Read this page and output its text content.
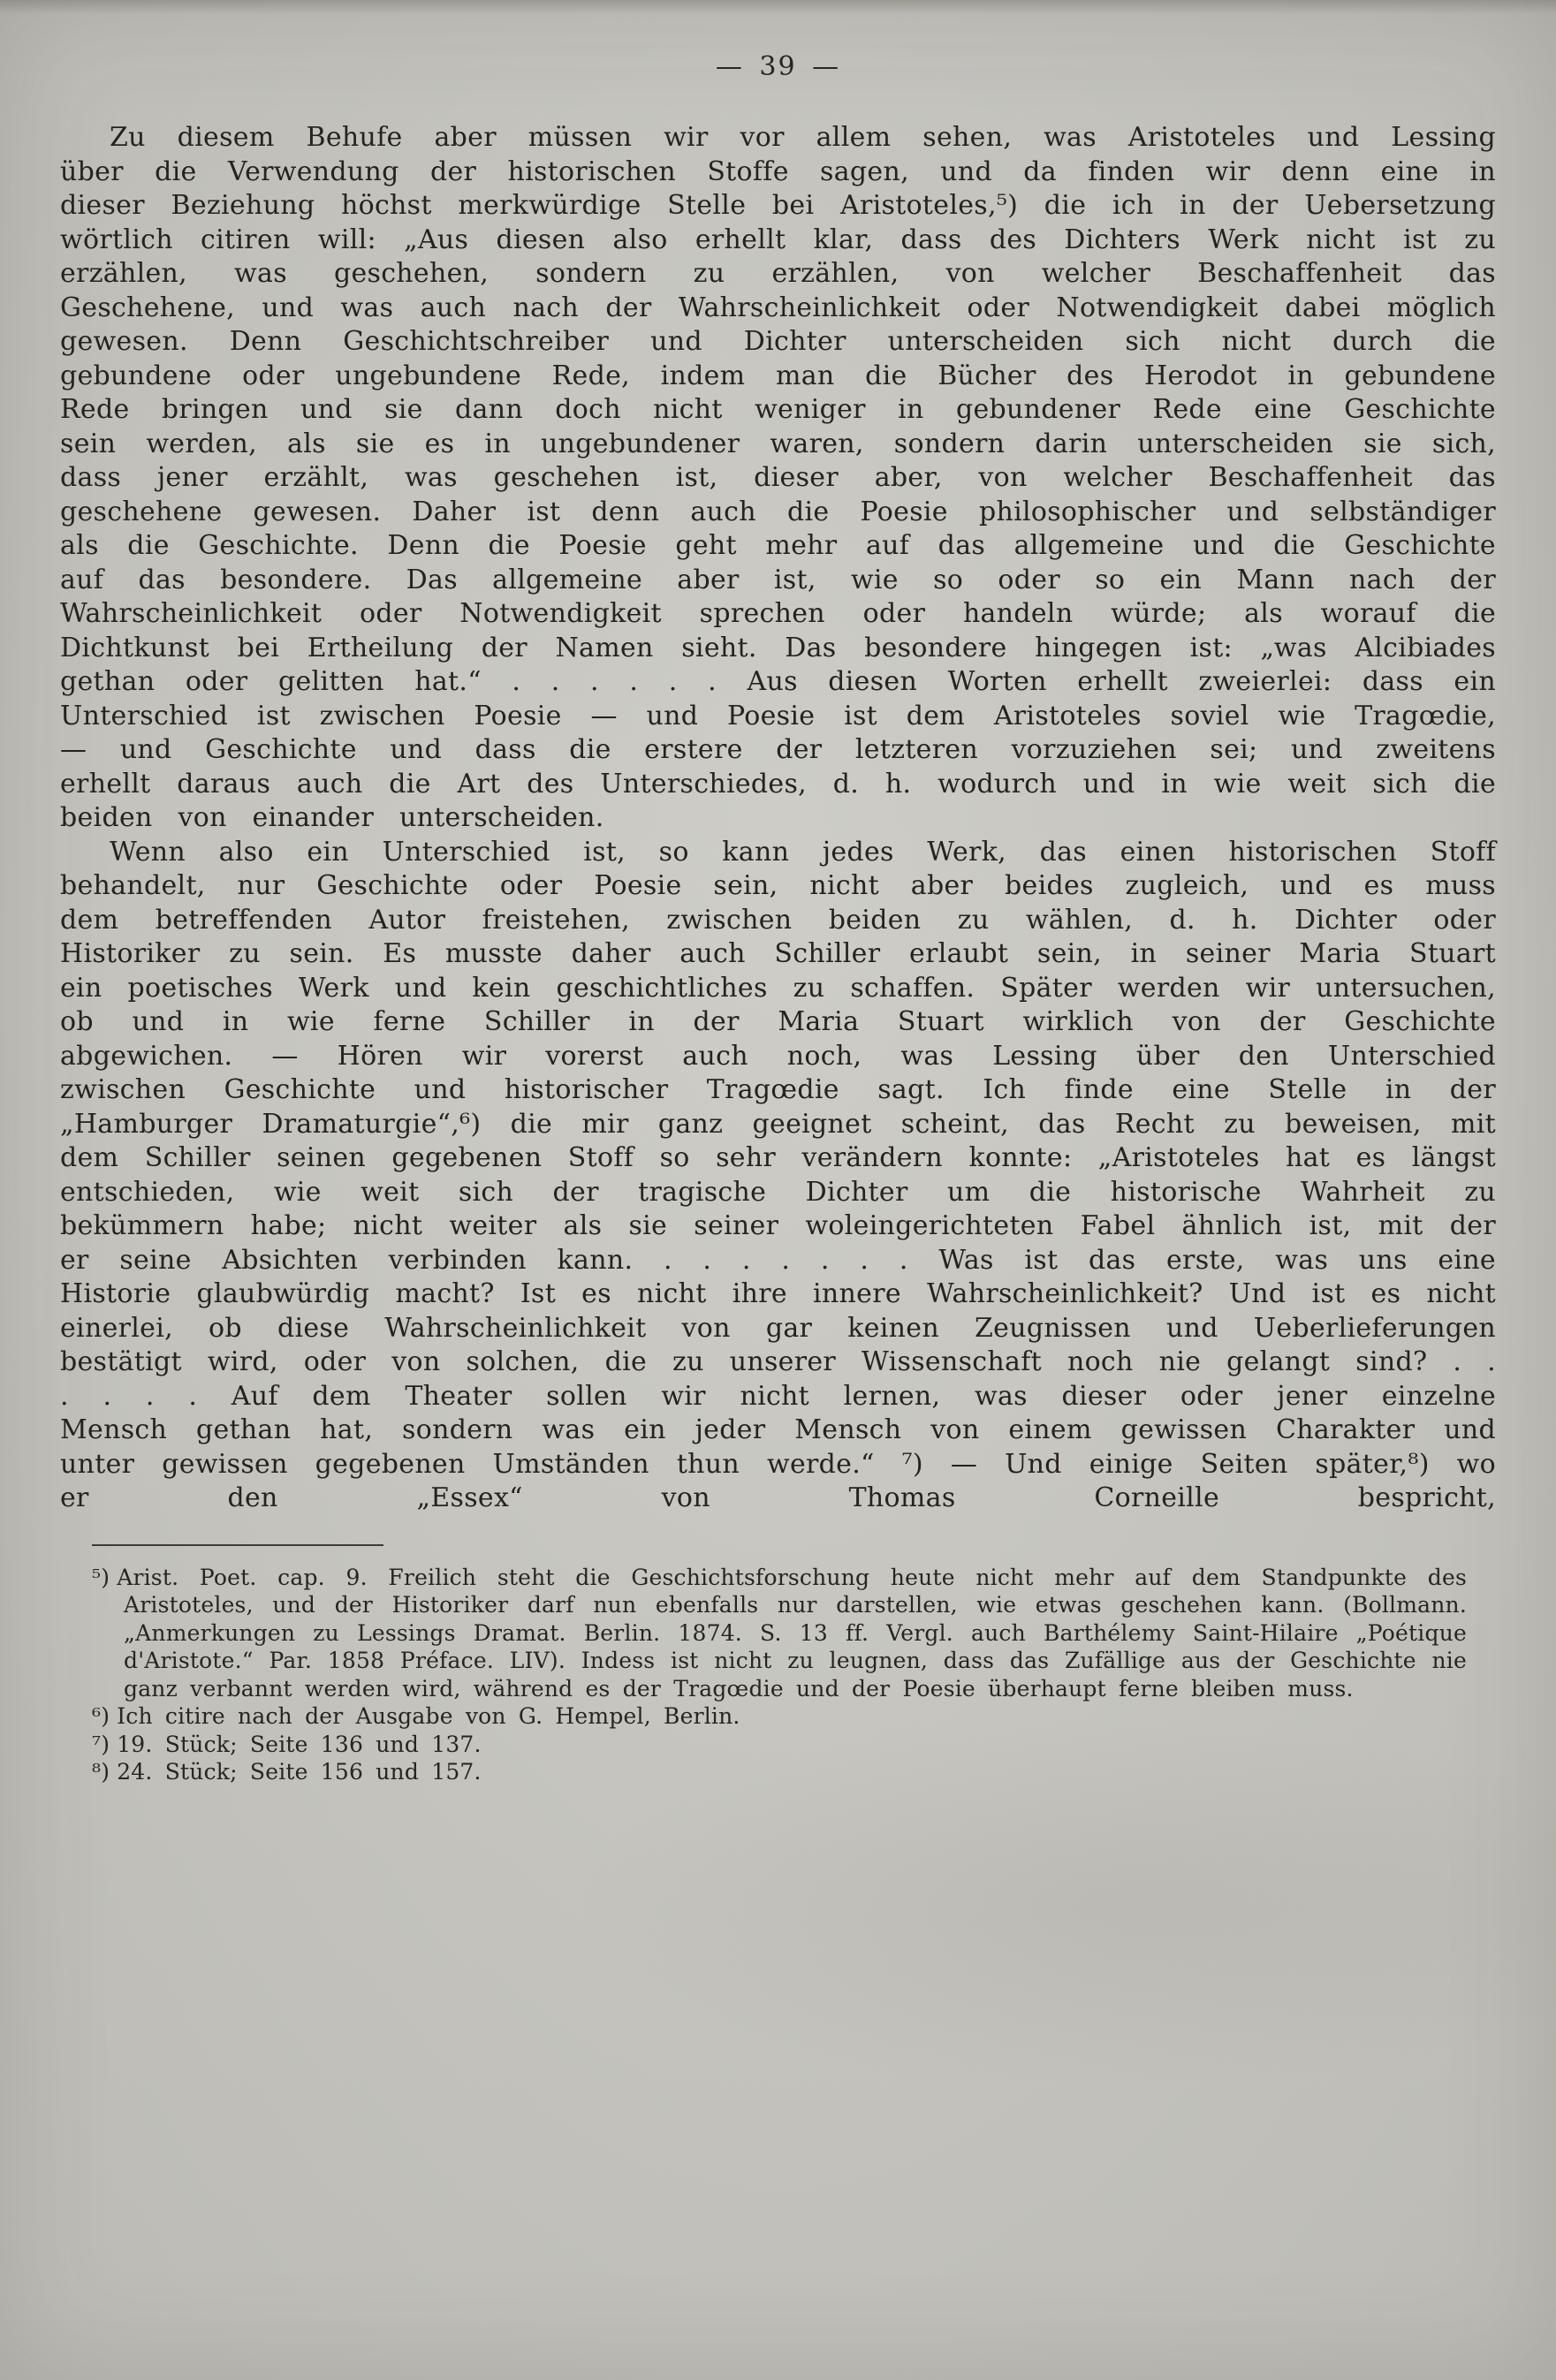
— 39 —

Zu diesem Behufe aber müssen wir vor allem sehen, was Aristoteles und Lessing über die Verwendung der historischen Stoffe sagen, und da finden wir denn eine in dieser Beziehung höchst merkwürdige Stelle bei Aristoteles,⁵) die ich in der Uebersetzung wörtlich citiren will: „Aus diesen also erhellt klar, dass des Dichters Werk nicht ist zu erzählen, was geschehen, sondern zu erzählen, von welcher Beschaffenheit das Geschehene, und was auch nach der Wahrscheinlichkeit oder Notwendigkeit dabei möglich gewesen. Denn Geschichtschreiber und Dichter unterscheiden sich nicht durch die gebundene oder ungebundene Rede, indem man die Bücher des Herodot in gebundene Rede bringen und sie dann doch nicht weniger in gebundener Rede eine Geschichte sein werden, als sie es in ungebundener waren, sondern darin unterscheiden sie sich, dass jener erzählt, was geschehen ist, dieser aber, von welcher Beschaffenheit das geschehene gewesen. Daher ist denn auch die Poesie philosophischer und selbständiger als die Geschichte. Denn die Poesie geht mehr auf das allgemeine und die Geschichte auf das besondere. Das allgemeine aber ist, wie so oder so ein Mann nach der Wahrscheinlichkeit oder Notwendigkeit sprechen oder handeln würde; als worauf die Dichtkunst bei Ertheilung der Namen sieht. Das besondere hingegen ist: „was Alcibiades gethan oder gelitten hat.“ . . . . . . Aus diesen Worten erhellt zweierlei: dass ein Unterschied ist zwischen Poesie — und Poesie ist dem Aristoteles soviel wie Tragœdie, — und Geschichte und dass die erstere der letzteren vorzuziehen sei; und zweitens erhellt daraus auch die Art des Unterschiedes, d. h. wodurch und in wie weit sich die beiden von einander unterscheiden.

Wenn also ein Unterschied ist, so kann jedes Werk, das einen historischen Stoff behandelt, nur Geschichte oder Poesie sein, nicht aber beides zugleich, und es muss dem betreffenden Autor freistehen, zwischen beiden zu wählen, d. h. Dichter oder Historiker zu sein. Es musste daher auch Schiller erlaubt sein, in seiner Maria Stuart ein poetisches Werk und kein geschichtliches zu schaffen. Später werden wir untersuchen, ob und in wie ferne Schiller in der Maria Stuart wirklich von der Geschichte abgewichen. — Hören wir vorerst auch noch, was Lessing über den Unterschied zwischen Geschichte und historischer Tragœdie sagt. Ich finde eine Stelle in der „Hamburger Dramaturgie“,⁶) die mir ganz geeignet scheint, das Recht zu beweisen, mit dem Schiller seinen gegebenen Stoff so sehr verändern konnte: „Aristoteles hat es längst entschieden, wie weit sich der tragische Dichter um die historische Wahrheit zu bekümmern habe; nicht weiter als sie seiner woleingerichteten Fabel ähnlich ist, mit der er seine Absichten verbinden kann. . . . . . . . Was ist das erste, was uns eine Historie glaubwürdig macht? Ist es nicht ihre innere Wahrscheinlichkeit? Und ist es nicht einerlei, ob diese Wahrscheinlichkeit von gar keinen Zeugnissen und Ueberlieferungen bestätigt wird, oder von solchen, die zu unserer Wissenschaft noch nie gelangt sind? . . . . . . Auf dem Theater sollen wir nicht lernen, was dieser oder jener einzelne Mensch gethan hat, sondern was ein jeder Mensch von einem gewissen Charakter und unter gewissen gegebenen Umständen thun werde.“ ⁷) — Und einige Seiten später,⁸) wo er den „Essex“ von Thomas Corneille bespricht,

⁵) Arist. Poet. cap. 9. Freilich steht die Geschichtsforschung heute nicht mehr auf dem Standpunkte des Aristoteles, und der Historiker darf nun ebenfalls nur darstellen, wie etwas geschehen kann. (Bollmann. „Anmerkungen zu Lessings Dramat. Berlin. 1874. S. 13 ff. Vergl. auch Barthélemy Saint-Hilaire „Poétique d'Aristote.“ Par. 1858 Préface. LIV). Indess ist nicht zu leugnen, dass das Zufällige aus der Geschichte nie ganz verbannt werden wird, während es der Tragœdie und der Poesie überhaupt ferne bleiben muss.

⁶) Ich citire nach der Ausgabe von G. Hempel, Berlin.

⁷) 19. Stück; Seite 136 und 137.

⁸) 24. Stück; Seite 156 und 157.
